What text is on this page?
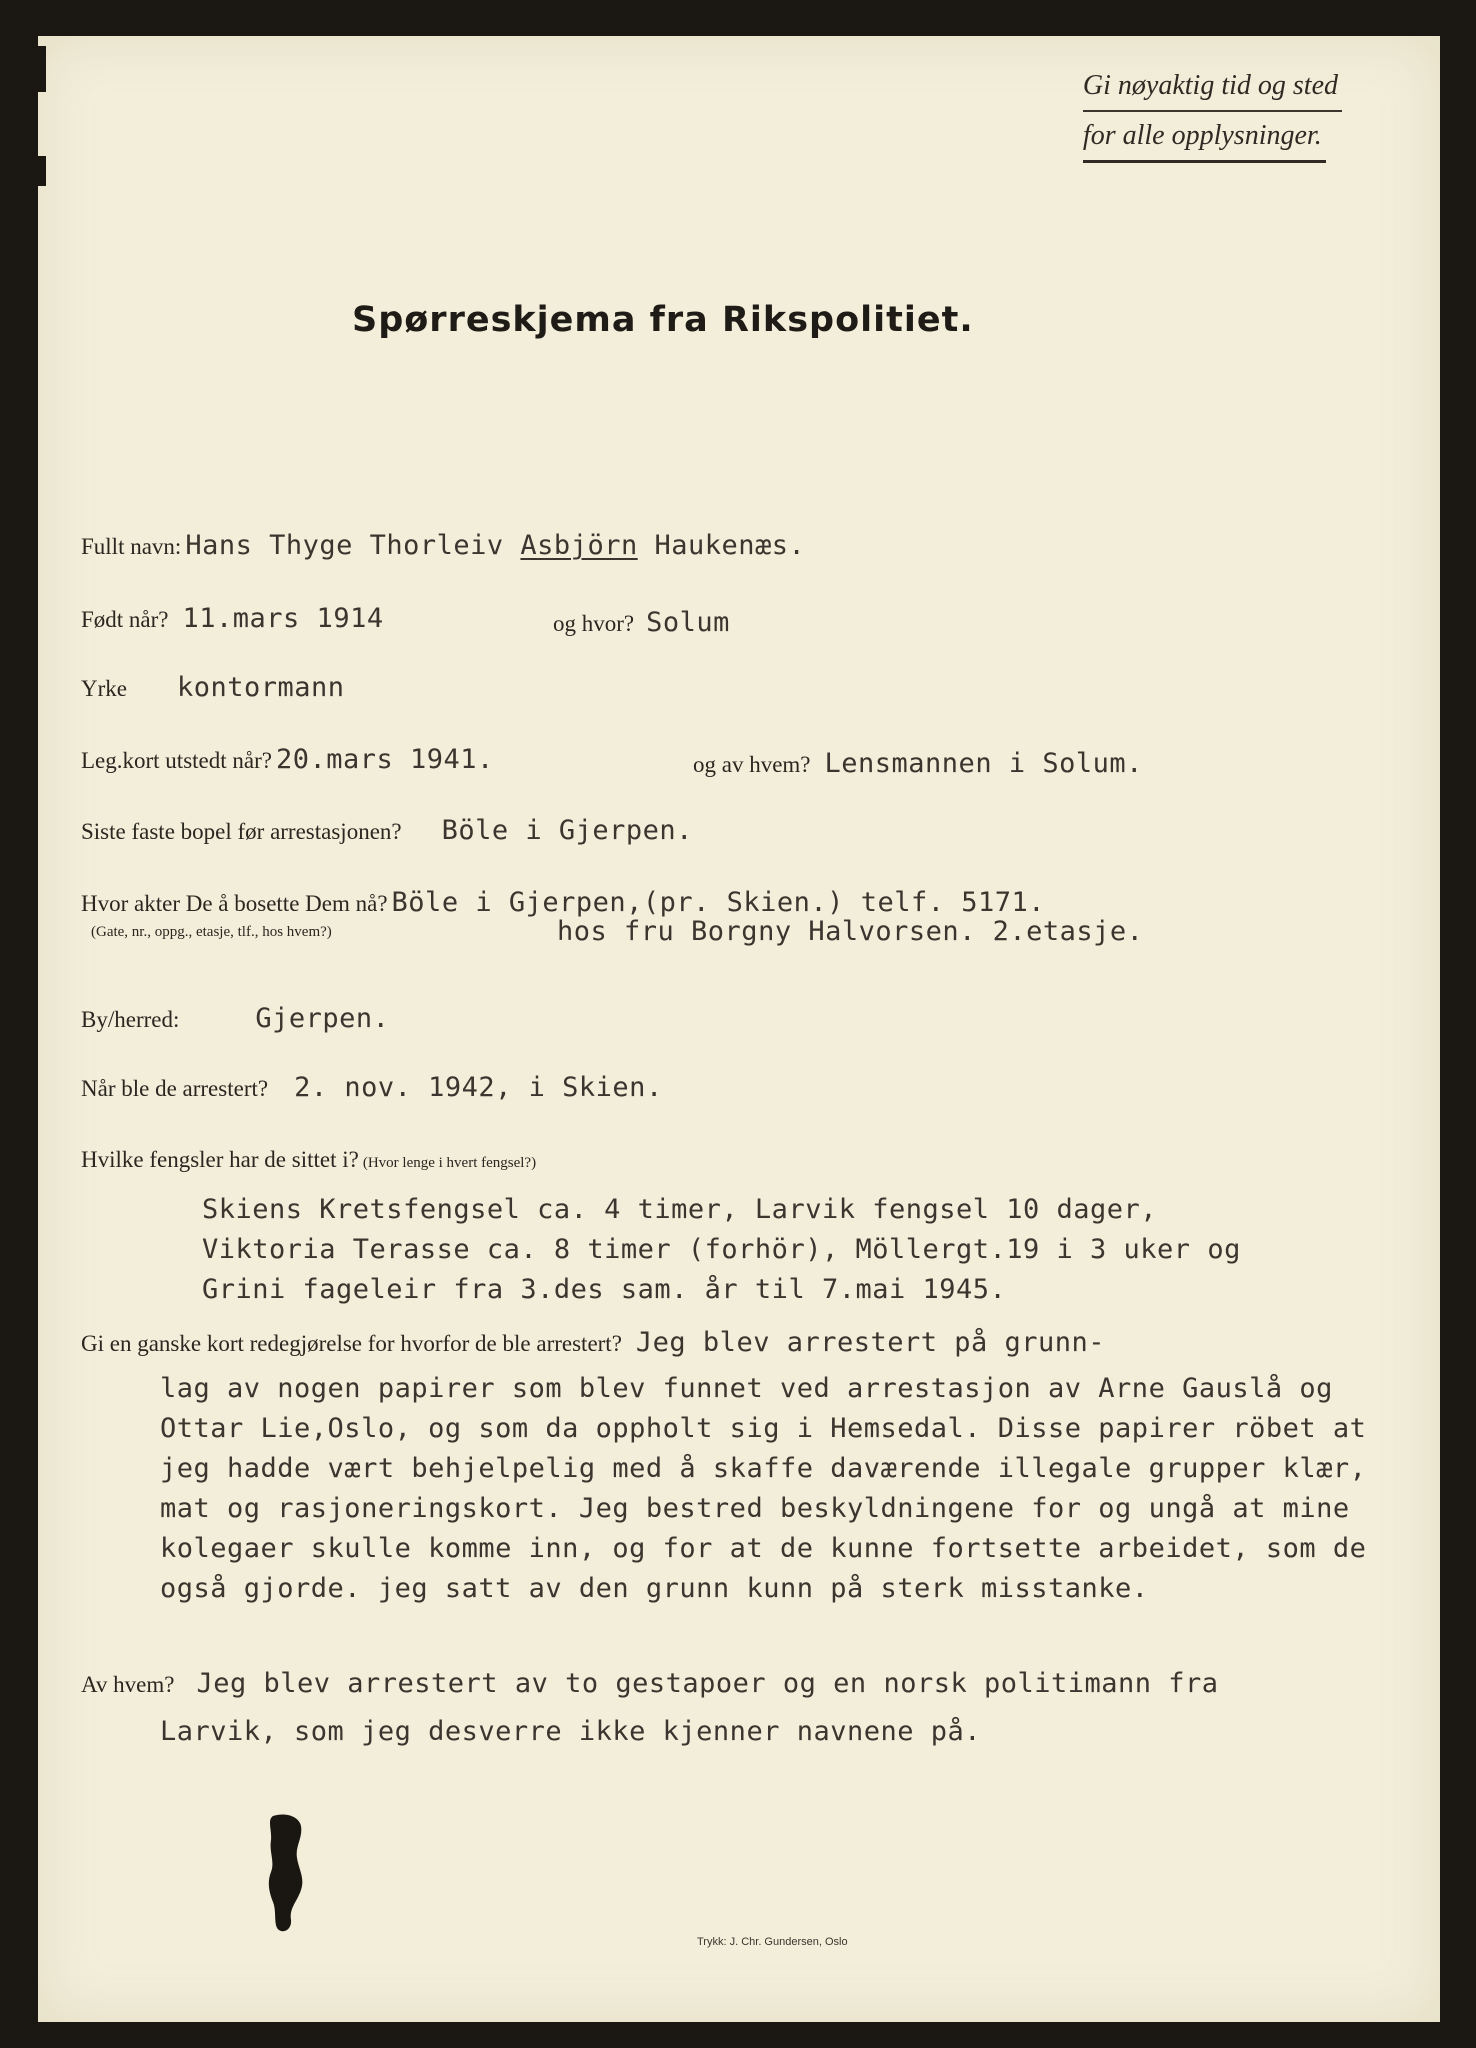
Gi nøyaktig tid og sted
for alle opplysninger.
Spørreskjema fra Rikspolitiet.
Fullt navn: Hans Thyge Thorleiv Asbjörn Haukenæs.
Født når? 11.mars 1914	og hvor? Solum
Yrke kontormann
Leg.kort utstedt når? 20.mars 1941.	og av hvem? Lensmannen i Solum.
Siste faste bopel før arrestasjonen? Böle i Gjerpen.
Hvor akter De å bosette Dem nå? Böle i Gjerpen,(pr. Skien.) telf. 5171.
(Gate, nr., oppg., etasje, tlf., hos hvem?)	hos fru Borgny Halvorsen. 2.etasje.
By/herred:	Gjerpen.
Når ble de arrestert? 2. nov. 1942, i Skien.
Hvilke fengsler har de sittet i? (Hvor lenge i hvert fengsel?)
Skiens Kretsfengsel ca. 4 timer, Larvik fengsel 10 dager,
Viktoria Terasse ca. 8 timer (forhör), Möllergt.19 i 3 uker og
Grini fageleir fra 3.des sam. år til 7.mai 1945.
Gi en ganske kort redegjørelse for hvorfor de ble arrestert? Jeg blev arrestert på grunn-
lag av nogen papirer som blev funnet ved arrestasjon av Arne Gauslå og
Ottar Lie,Oslo, og som da oppholt sig i Hemsedal. Disse papirer röbet at
jeg hadde vært behjelpelig med å skaffe daværende illegale grupper klær,
mat og rasjoneringskort. Jeg bestred beskyldningene for og ungå at mine
kolegaer skulle komme inn, og for at de kunne fortsette arbeidet, som de
også gjorde. jeg satt av den grunn kunn på sterk misstanke.
Av hvem? Jeg blev arrestert av to gestapoer og en norsk politimann fra
Larvik, som jeg desverre ikke kjenner navnene på.
Trykk: J. Chr. Gundersen, Oslo
